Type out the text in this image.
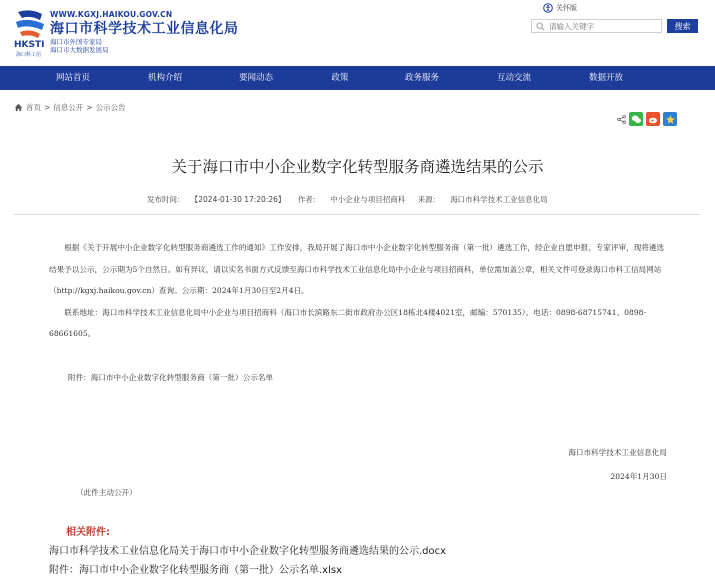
HKSTI
海口科工信
WWW.KGXJ.HAIKOU.GOV.CN
海口市科学技术工业信息化局
海口市外国专家局
海口市大数据发展局
关怀版
请输入关键字
搜索
网站首页	机构介绍	要闻动态	政策	政务服务	互动交流	数据开放
首页 > 信息公开 > 公示公告
关于海口市中小企业数字化转型服务商遴选结果的公示
发布时间： 【2024-01-30 17:20:26】 作者： 中小企业与项目招商科 来源： 海口市科学技术工业信息化局

根据《关于开展中小企业数字化转型服务商遴选工作的通知》工作安排，我局开展了海口市中小企业数字化转型服务商（第一批）遴选工作，经企业自愿申报、专家评审，现将遴选结果予以公示，公示期为5个自然日。如有异议，请以实名书面方式反馈至海口市科学技术工业信息化局中小企业与项目招商科，单位需加盖公章，相关文件可登录海口市科工信局网站（http://kgxj.haikou.gov.cn）查询。公示期：2024年1月30日至2月4日。

联系地址：海口市科学技术工业信息化局中小企业与项目招商科（海口市长滨路东二街市政府办公区18栋北4楼4021室，邮编：570135）。电话：0898-68715741、0898-68661605。

附件：海口市中小企业数字化转型服务商（第一批）公示名单
海口市科学技术工业信息化局
2024年1月30日
（此件主动公开）
相关附件:
海口市科学技术工业信息化局关于海口市中小企业数字化转型服务商遴选结果的公示.docx
附件：海口市中小企业数字化转型服务商（第一批）公示名单.xlsx
